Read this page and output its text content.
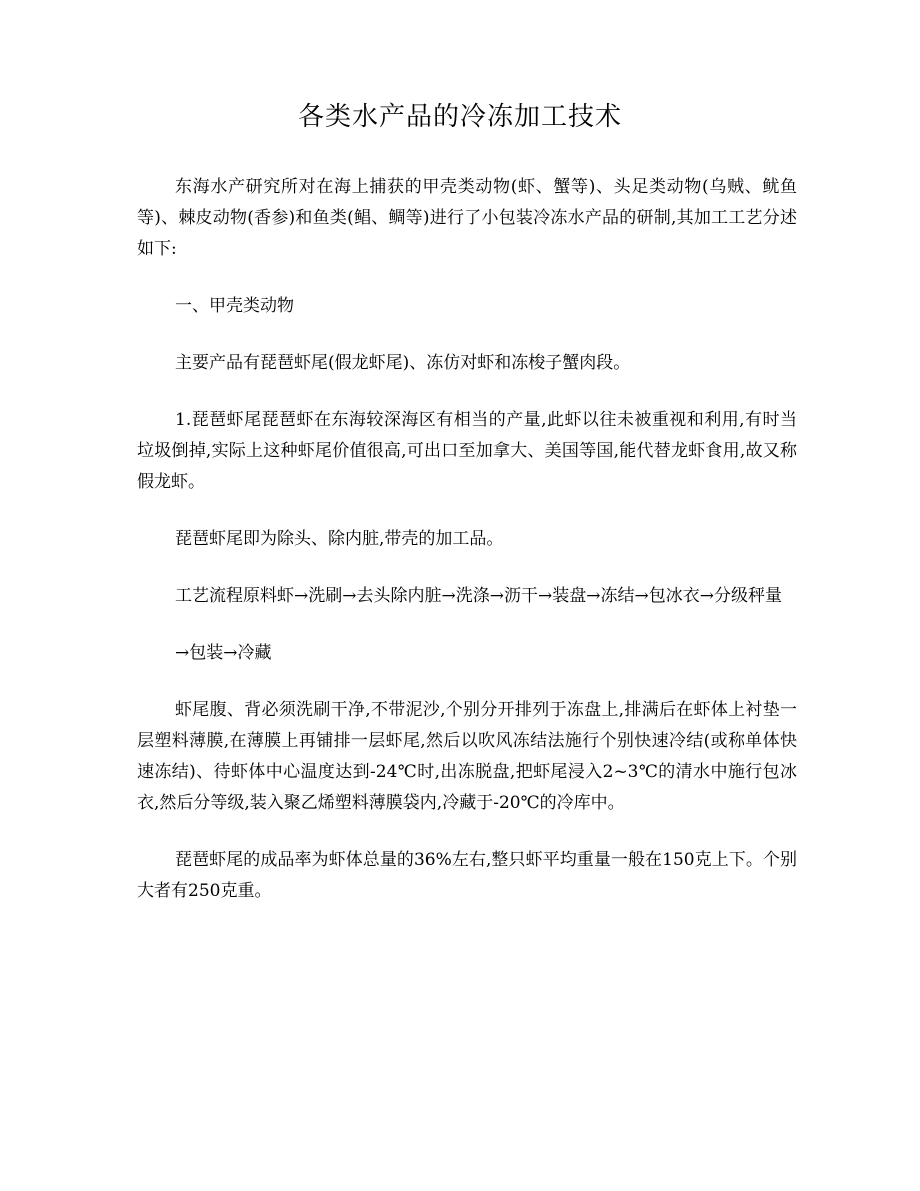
各类水产品的冷冻加工技术

东海水产研究所对在海上捕获的甲壳类动物(虾、蟹等)、头足类动物(乌贼、鱿鱼等)、棘皮动物(香参)和鱼类(鲳、鲷等)进行了小包装冷冻水产品的研制,其加工工艺分述如下:

一、甲壳类动物

主要产品有琵琶虾尾(假龙虾尾)、冻仿对虾和冻梭子蟹肉段。

1.琵琶虾尾琵琶虾在东海较深海区有相当的产量,此虾以往未被重视和利用,有时当垃圾倒掉,实际上这种虾尾价值很高,可出口至加拿大、美国等国,能代替龙虾食用,故又称假龙虾。

琵琶虾尾即为除头、除内脏,带壳的加工品。

工艺流程原料虾→洗刷→去头除内脏→洗涤→沥干→装盘→冻结→包冰衣→分级秤量

→包装→冷藏

虾尾腹、背必须洗刷干净,不带泥沙,个别分开排列于冻盘上,排满后在虾体上衬垫一层塑料薄膜,在薄膜上再铺排一层虾尾,然后以吹风冻结法施行个别快速冷结(或称单体快速冻结)、待虾体中心温度达到-24℃时,出冻脱盘,把虾尾浸入2~3℃的清水中施行包冰衣,然后分等级,装入聚乙烯塑料薄膜袋内,冷藏于-20℃的冷库中。

琵琶虾尾的成品率为虾体总量的36%左右,整只虾平均重量一般在150克上下。个别大者有250克重。
